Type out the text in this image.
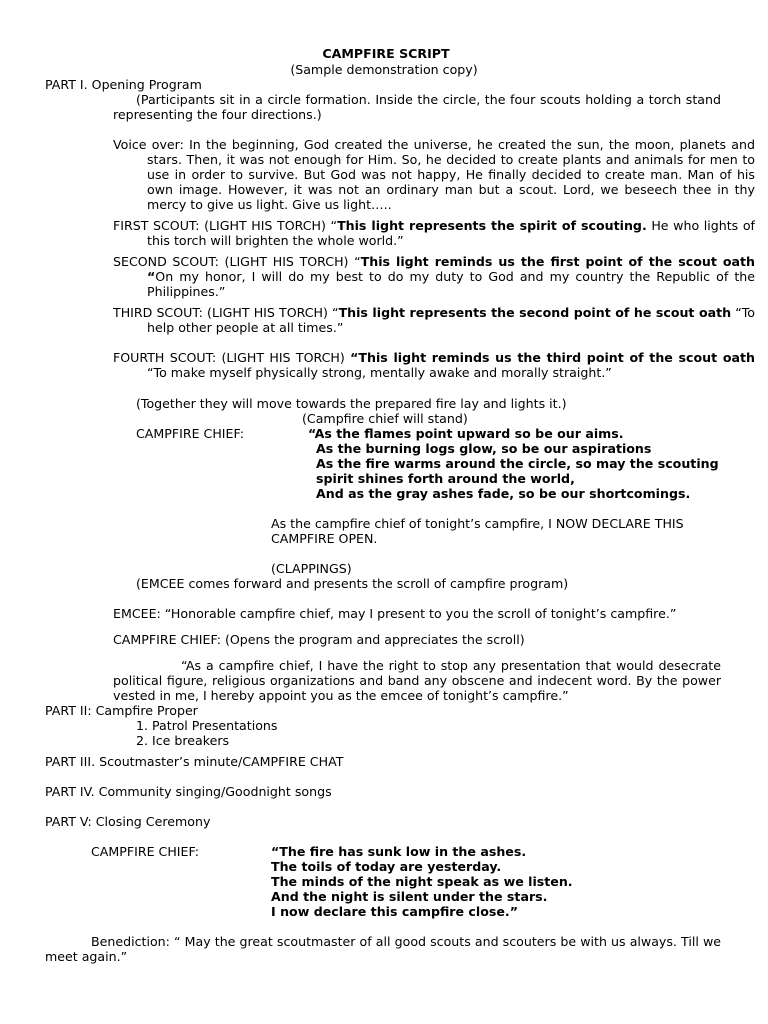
CAMPFIRE SCRIPT
(Sample demonstration copy)
PART I. Opening Program
(Participants sit in a circle formation. Inside the circle, the four scouts holding a torch stand representing the four directions.)
Voice over: In the beginning, God created the universe, he created the sun, the moon, planets and stars. Then, it was not enough for Him. So, he decided to create plants and animals for men to use in order to survive. But God was not happy, He finally decided to create man. Man of his own image. However, it was not an ordinary man but a scout. Lord, we beseech thee in thy mercy to give us light. Give us light…..
FIRST SCOUT: (LIGHT HIS TORCH) “This light represents the spirit of scouting. He who lights of this torch will brighten the whole world.”
SECOND SCOUT: (LIGHT HIS TORCH) “This light reminds us the first point of the scout oath “On my honor, I will do my best to do my duty to God and my country the Republic of the Philippines.”
THIRD SCOUT: (LIGHT HIS TORCH) “This light represents the second point of he scout oath “To help other people at all times.”
FOURTH SCOUT: (LIGHT HIS TORCH) “This light reminds us the third point of the scout oath “To make myself physically strong, mentally awake and morally straight.”
(Together they will move towards the prepared fire lay and lights it.)
(Campfire chief will stand)
CAMPFIRE CHIEF:	“As the flames point upward so be our aims.
As the burning logs glow, so be our aspirations
As the fire warms around the circle, so may the scouting
spirit shines forth around the world,
And as the gray ashes fade, so be our shortcomings.
As the campfire chief of tonight’s campfire, I NOW DECLARE THIS
CAMPFIRE OPEN.
(CLAPPINGS)
(EMCEE comes forward and presents the scroll of campfire program)
EMCEE: “Honorable campfire chief, may I present to you the scroll of tonight’s campfire.”
CAMPFIRE CHIEF: (Opens the program and appreciates the scroll)
“As a campfire chief, I have the right to stop any presentation that would desecrate political figure, religious organizations and band any obscene and indecent word. By the power vested in me, I hereby appoint you as the emcee of tonight’s campfire.”
PART II: Campfire Proper
1. Patrol Presentations
2. Ice breakers
PART III. Scoutmaster’s minute/CAMPFIRE CHAT
PART IV. Community singing/Goodnight songs
PART V: Closing Ceremony
CAMPFIRE CHIEF:	“The fire has sunk low in the ashes.
The toils of today are yesterday.
The minds of the night speak as we listen.
And the night is silent under the stars.
I now declare this campfire close.”
Benediction: “ May the great scoutmaster of all good scouts and scouters be with us always. Till we meet again.”
